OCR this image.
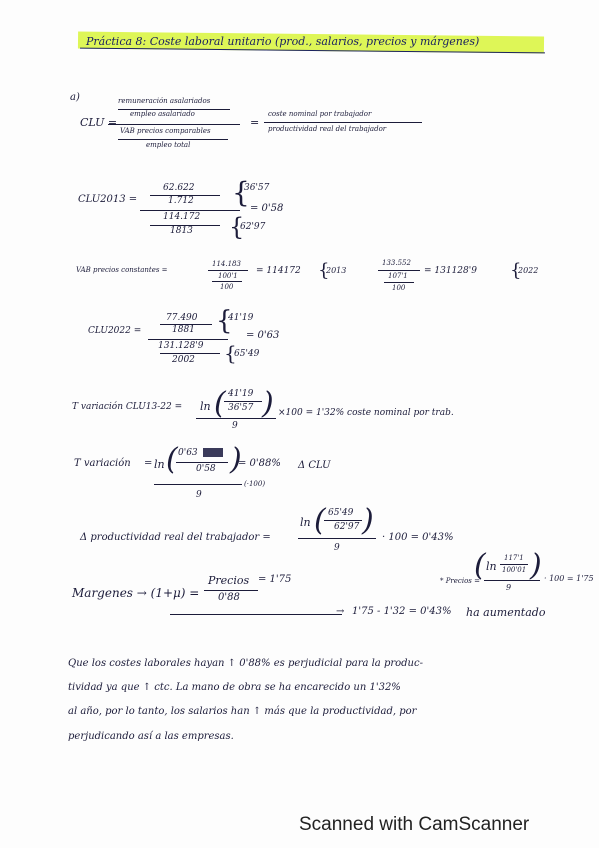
Práctica 8: Coste laboral unitario (prod., salarios, precios y márgenes)
a)
CLU =
remuneración asalariados
empleo asalariado
VAB precios comparables
empleo total
=
coste nominal por trabajador
productividad real del trabajador
CLU2013 =
62.622
1.712
114.172
1813
{
36'57
{
62'97
= 0'58
VAB precios constantes =
114.183
100'1
100
= 114172 {
2013
133.552
107'1
100
= 131128'9 {
2022
CLU2022 =
77.490
1881
131.128'9
2002
{
41'19
{
65'49
= 0'63
T variación CLU13-22 = ln ( 41'19
36'57 )
9
×100 = 1'32% coste nominal por trab.
T variación = ln ( 0'63
0'58 )
= 0'88% Δ CLU
9
(·100)
Δ productividad real del trabajador =
ln ( 65'49
62'97 )
9
· 100 = 0'43%
* Precios =
ln
(	117'1
100'01 )
9
· 100 = 1'75
Margenes → (1+μ) =
Precios
0'88
= 1'75
→ 1'75 - 1'32 = 0'43% ha aumentado
Que los costes laborales hayan ↑ 0'88% es perjudicial para la produc-
tividad ya que ↑ ctc. La mano de obra se ha encarecido un 1'32%
al año, por lo tanto, los salarios han ↑ más que la productividad, por
perjudicando así a las empresas.
Scanned with CamScanner
